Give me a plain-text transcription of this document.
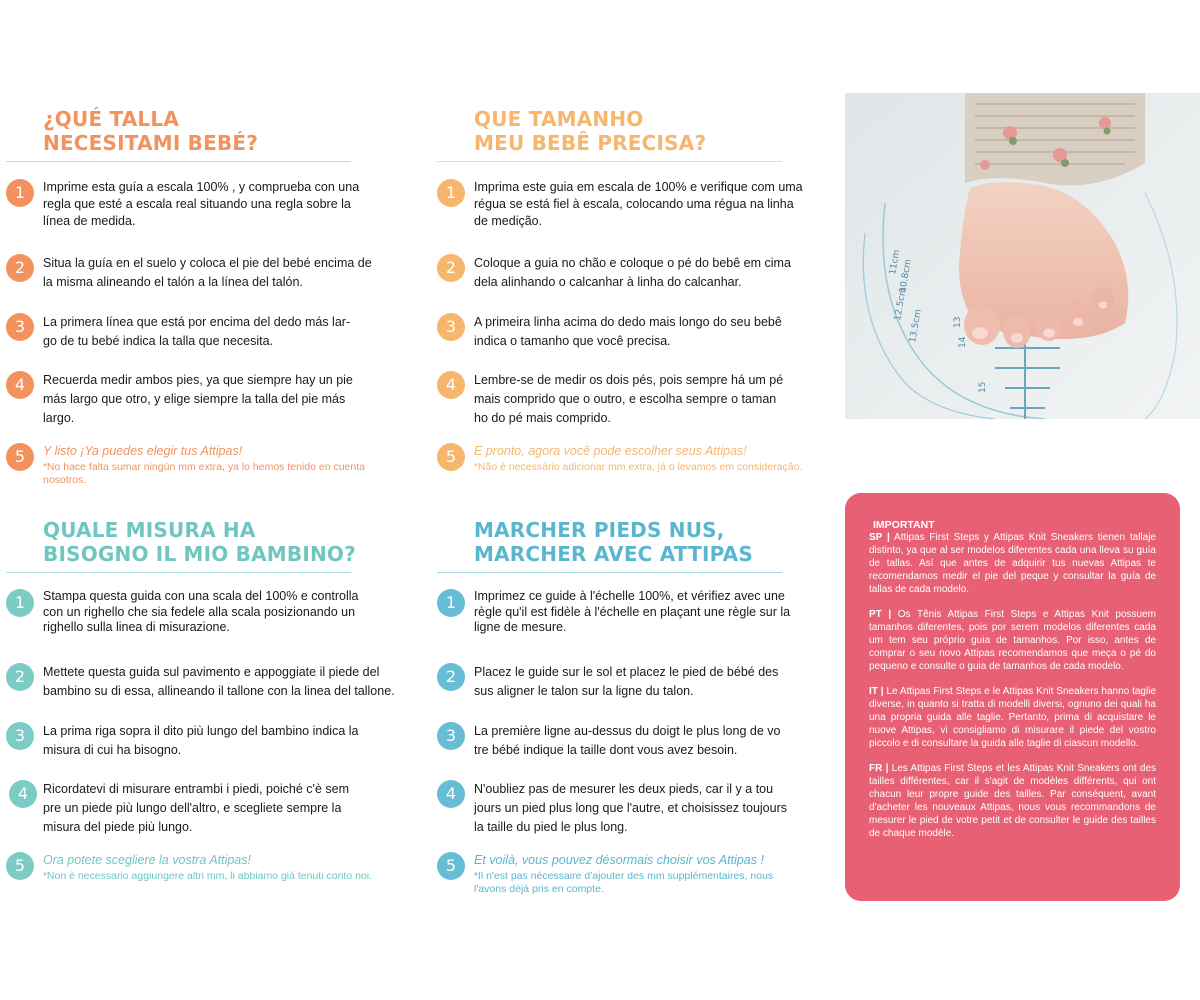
¿QUÉ TALLA
NECESITAMI BEBÉ?
1	Imprime esta guía a escala 100% , y comprueba con una regla que esté a escala real situando una regla sobre la línea de medida.
2	Situa la guía en el suelo y coloca el pie del bebé encima de la misma alineando el talón a la línea del talón.
3	La primera línea que está por encima del dedo más lar-go de tu bebé indica la talla que necesita.
4	Recuerda medir ambos pies, ya que siempre hay un pie más largo que otro, y elige siempre la talla del pie más largo.
5	Y listo ¡Ya puedes elegir tus Attipas!
*No hace falta sumar ningún mm extra, ya lo hemos tenido en cuenta nosotros.
QUE TAMANHO
MEU BEBÊ PRECISA?
1	Imprima este guia em escala de 100% e verifique com uma régua se está fiel à escala, colocando uma régua na linha de medição.
2	Coloque a guia no chão e coloque o pé do bebê em cima dela alinhando o calcanhar à linha do calcanhar.
3	A primeira linha acima do dedo mais longo do seu bebê indica o tamanho que você precisa.
4	Lembre-se de medir os dois pés, pois sempre há um pé mais comprido que o outro, e escolha sempre o taman ho do pé mais comprido.
5	E pronto, agora você pode escolher seus Attipas!
*Não é necessário adicionar mm extra, já o levamos em consideração.
QUALE MISURA HA
BISOGNO IL MIO BAMBINO?
1	Stampa questa guida con una scala del 100% e controlla con un righello che sia fedele alla scala posizionando un righello sulla linea di misurazione.
2	Mettete questa guida sul pavimento e appoggiate il piede del bambino su di essa, allineando il tallone con la linea del tallone.
3	La prima riga sopra il dito più lungo del bambino indica la misura di cui ha bisogno.
4	Ricordatevi di misurare entrambi i piedi, poiché c'è sem pre un piede più lungo dell'altro, e scegliete sempre la misura del piede più lungo.
5	Ora potete scegliere la vostra Attipas!
*Non è necessario aggiungere altri mm, li abbiamo già tenuti conto noi.
MARCHER PIEDS NUS,
MARCHER AVEC ATTIPAS
1	Imprimez ce guide à l'échelle 100%, et vérifiez avec une règle qu'il est fidèle à l'échelle en plaçant une règle sur la ligne de mesure.
2	Placez le guide sur le sol et placez le pied de bébé des sus aligner le talon sur la ligne du talon.
3	La première ligne au-dessus du doigt le plus long de vo tre bébé indique la taille dont vous avez besoin.
4	N'oubliez pas de mesurer les deux pieds, car il y a tou jours un pied plus long que l'autre, et choisissez toujours la taille du pied le plus long.
5	Et voilà, vous pouvez désormais choisir vos Attipas !
*Il n'est pas nécessaire d'ajouter des mm supplémentaires, nous l'avons déjà pris en compte.
15
14
13
13.5cm
12.5cm
10.8cm
11cm
IMPORTANT

SP | Attipas First Steps y Attipas Knit Sneakers tienen tallaje distinto, ya que al ser modelos diferentes cada una lleva su guía de tallas. Así que antes de adquirir tus nuevas Attipas te recomendamos medir el pie del peque y consultar la guía de tallas de cada modelo.

PT | Os Tênis Attipas First Steps e Attipas Knit possuem tamanhos diferentes, pois por serem modelos diferentes cada um tem seu próprio guia de tamanhos. Por isso, antes de comprar o seu novo Attipas recomendamos que meça o pé do pequeno e consulte o guia de tamanhos de cada modelo.

IT | Le Attipas First Steps e le Attipas Knit Sneakers hanno taglie diverse, in quanto si tratta di modelli diversi, ognuno dei quali ha una propria guida alle taglie. Pertanto, prima di acquistare le nuove Attipas, vi consigliamo di misurare il piede del vostro piccolo e di consultare la guida alle taglie di ciascun modello.

FR | Les Attipas First Steps et les Attipas Knit Sneakers ont des tailles différentes, car il s'agit de modèles différents, qui ont chacun leur propre guide des tailles. Par conséquent, avant d'acheter les nouveaux Attipas, nous vous recommandons de mesurer le pied de votre petit et de consulter le guide des tailles de chaque modèle.
